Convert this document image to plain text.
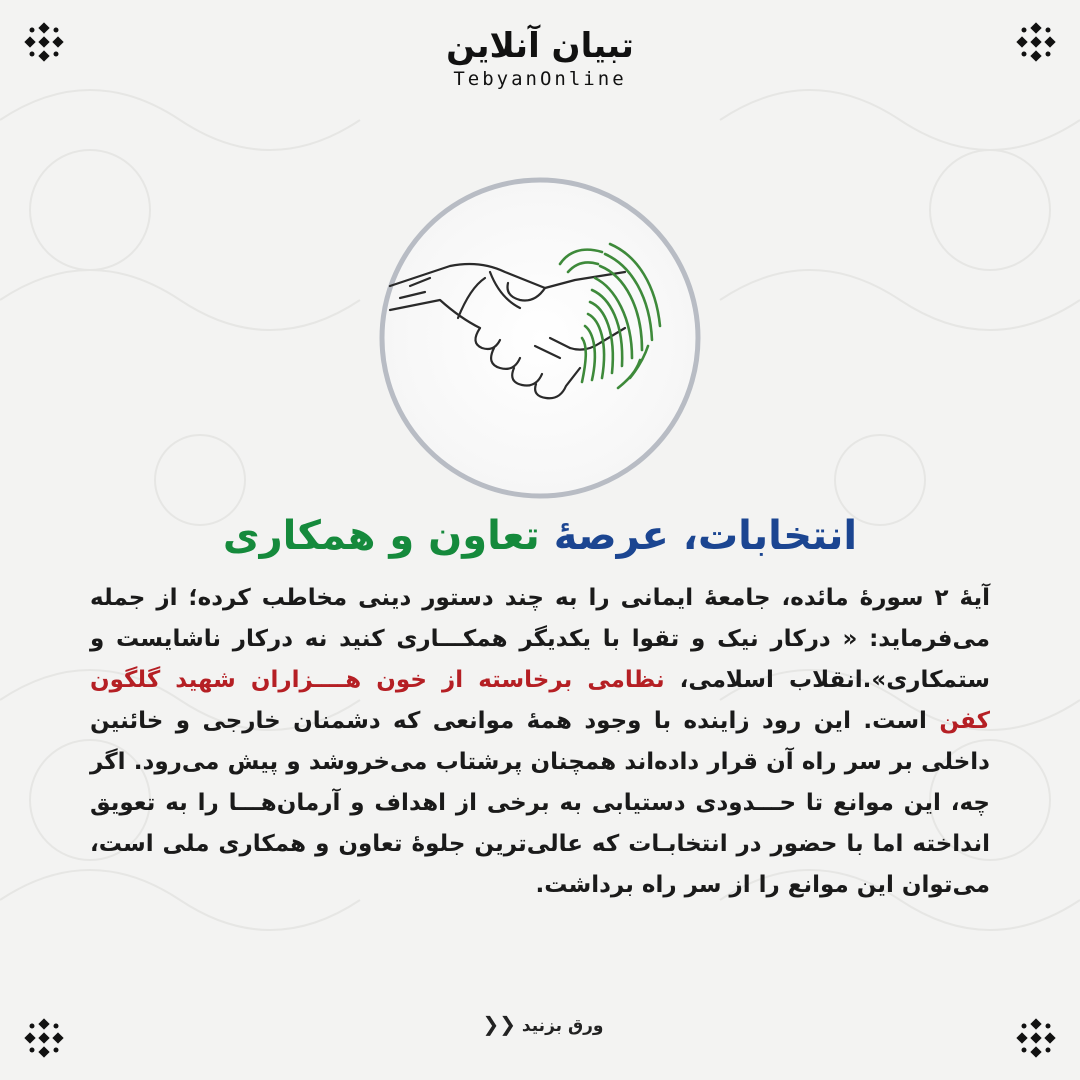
تبیان آنلاین
TebyanOnline
انتخابات، عرصهٔ تعاون و همکاری
آیهٔ ۲ سورهٔ مائده، جامعهٔ ایمانی را به چند دستور دینی مخاطب کرده؛ از جمله می‌فرماید: « درکار نیک و تقوا با یکدیگر همکـــاری کنید نه درکار ناشایست و ستمکاری».انقلاب اسلامی، نظامی برخاسته از خون هــــزاران شهید گلگون کفن است. این رود زاینده با وجود همهٔ موانعی که دشمنان خارجی و خائنین داخلی بر سر راه آن قرار داده‌اند همچنان پرشتاب می‌خروشد و پیش می‌رود. اگر چه، این موانع تا حـــدودی دستیابی به برخی از اهداف و آرمان‌هـــا را به تعویق انداخته اما با حضور در انتخابـات که عالی‌ترین جلوهٔ تعاون و همکاری ملی است، می‌توان این موانع را از سر راه برداشت.
ورق بزنید ❮❮
